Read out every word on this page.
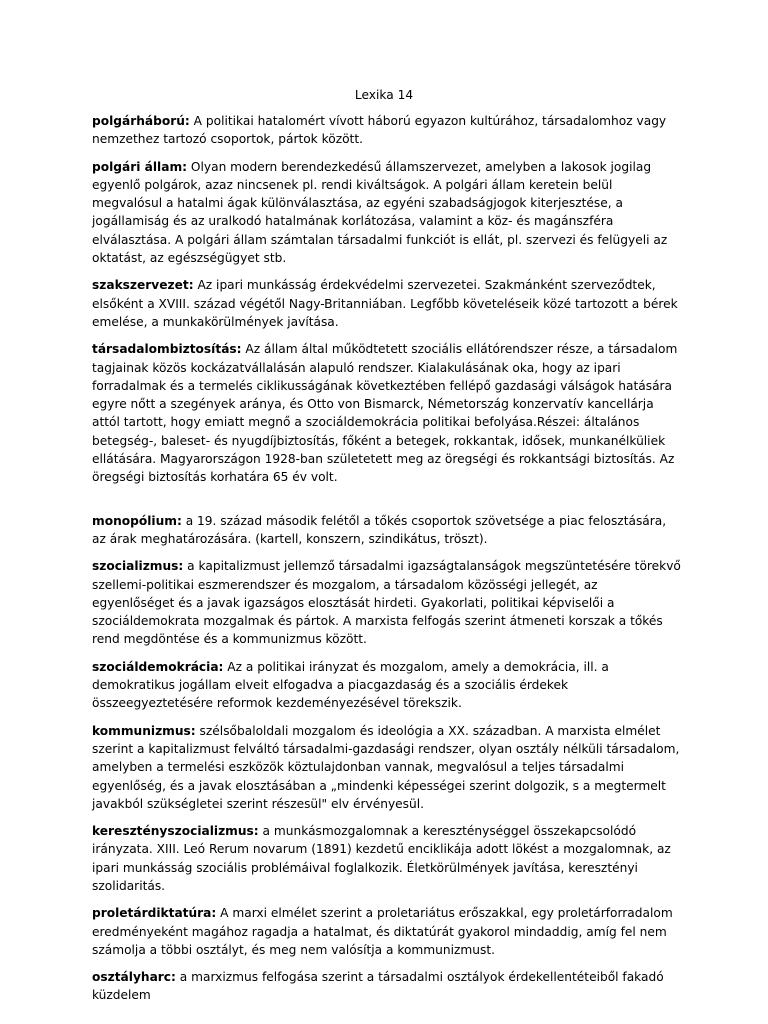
Lexika 14

polgárháború: A politikai hatalomért vívott háború egyazon kultúrához, társadalomhoz vagy nemzethez tartozó csoportok, pártok között.

polgári állam: Olyan modern berendezkedésű államszervezet, amelyben a lakosok jogilag egyenlő polgárok, azaz nincsenek pl. rendi kiváltságok. A polgári állam keretein belül megvalósul a hatalmi ágak különválasztása, az egyéni szabadságjogok kiterjesztése, a jogállamiság és az uralkodó hatalmának korlátozása, valamint a köz- és magánszféra elválasztása. A polgári állam számtalan társadalmi funkciót is ellát, pl. szervezi és felügyeli az oktatást, az egészségügyet stb.

szakszervezet: Az ipari munkásság érdekvédelmi szervezetei. Szakmánként szerveződtek, elsőként a XVIII. század végétől Nagy-Britanniában. Legfőbb követeléseik közé tartozott a bérek emelése, a munkakörülmények javítása.

társadalombiztosítás: Az állam által működtetett szociális ellátórendszer része, a társadalom tagjainak közös kockázatvállalásán alapuló rendszer. Kialakulásának oka, hogy az ipari forradalmak és a termelés ciklikusságának következtében fellépő gazdasági válságok hatására egyre nőtt a szegények aránya, és Otto von Bismarck, Németország konzervatív kancellárja attól tartott, hogy emiatt megnő a szociáldemokrácia politikai befolyása.Részei: általános betegség-, baleset- és nyugdíjbiztosítás, főként a betegek, rokkantak, idősek, munkanélküliek ellátására. Magyarországon 1928-ban születetett meg az öregségi és rokkantsági biztosítás. Az öregségi biztosítás korhatára 65 év volt.

monopólium: a 19. század második felétől a tőkés csoportok szövetsége a piac felosztására, az árak meghatározására. (kartell, konszern, szindikátus, tröszt).

szocializmus: a kapitalizmust jellemző társadalmi igazságtalanságok megszüntetésére törekvő szellemi-politikai eszmerendszer és mozgalom, a társadalom közösségi jellegét, az egyenlőséget és a javak igazságos elosztását hirdeti. Gyakorlati, politikai képviselői a szociáldemokrata mozgalmak és pártok. A marxista felfogás szerint átmeneti korszak a tőkés rend megdöntése és a kommunizmus között.

szociáldemokrácia: Az a politikai irányzat és mozgalom, amely a demokrácia, ill. a demokratikus jogállam elveit elfogadva a piacgazdaság és a szociális érdekek összeegyeztetésére reformok kezdeményezésével törekszik.

kommunizmus: szélsőbaloldali mozgalom és ideológia a XX. században. A marxista elmélet szerint a kapitalizmust felváltó társadalmi-gazdasági rendszer, olyan osztály nélküli társadalom, amelyben a termelési eszközök köztulajdonban vannak, megvalósul a teljes társadalmi egyenlőség, és a javak elosztásában a „mindenki képességei szerint dolgozik, s a megtermelt javakból szükségletei szerint részesül" elv érvényesül.

keresztényszocializmus: a munkásmozgalomnak a kereszténységgel összekapcsolódó irányzata. XIII. Leó Rerum novarum (1891) kezdetű enciklikája adott lökést a mozgalomnak, az ipari munkásság szociális problémáival foglalkozik. Életkörülmények javítása, keresztényi szolidaritás.

proletárdiktatúra: A marxi elmélet szerint a proletariátus erőszakkal, egy proletárforradalom eredményeként magához ragadja a hatalmat, és diktatúrát gyakorol mindaddig, amíg fel nem számolja a többi osztályt, és meg nem valósítja a kommunizmust.

osztályharc: a marxizmus felfogása szerint a társadalmi osztályok érdekellentéteiből fakadó küzdelem
